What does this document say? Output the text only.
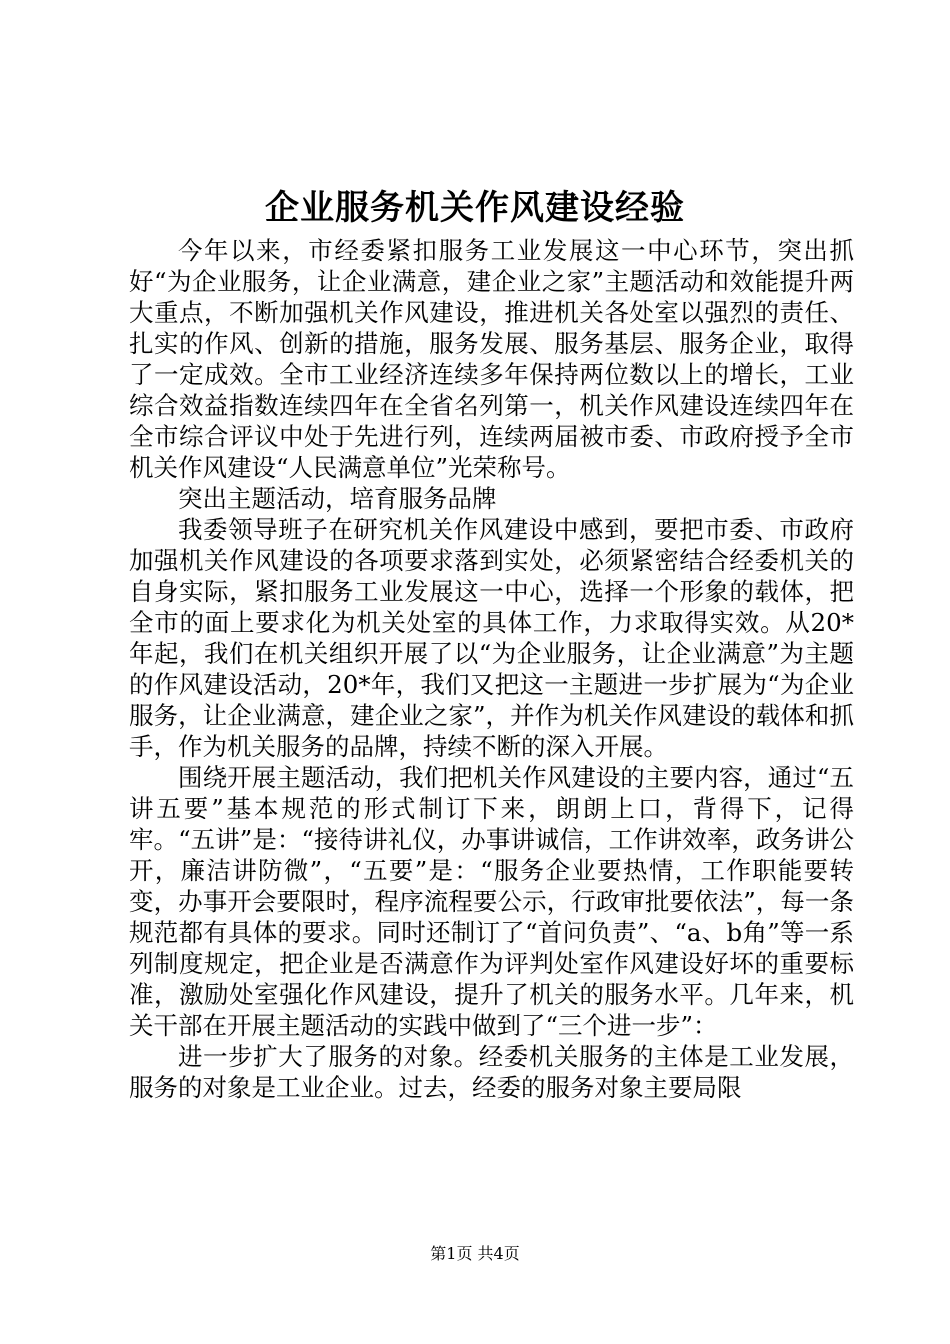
企业服务机关作风建设经验

今年以来，市经委紧扣服务工业发展这一中心环节，突出抓好“为企业服务，让企业满意，建企业之家”主题活动和效能提升两大重点，不断加强机关作风建设，推进机关各处室以强烈的责任、扎实的作风、创新的措施，服务发展、服务基层、服务企业，取得了一定成效。全市工业经济连续多年保持两位数以上的增长，工业综合效益指数连续四年在全省名列第一，机关作风建设连续四年在全市综合评议中处于先进行列，连续两届被市委、市政府授予全市机关作风建设“人民满意单位”光荣称号。

突出主题活动，培育服务品牌

我委领导班子在研究机关作风建设中感到，要把市委、市政府加强机关作风建设的各项要求落到实处，必须紧密结合经委机关的自身实际，紧扣服务工业发展这一中心，选择一个形象的载体，把全市的面上要求化为机关处室的具体工作，力求取得实效。从20*年起，我们在机关组织开展了以“为企业服务，让企业满意”为主题的作风建设活动，20*年，我们又把这一主题进一步扩展为“为企业服务，让企业满意，建企业之家”，并作为机关作风建设的载体和抓手，作为机关服务的品牌，持续不断的深入开展。

围绕开展主题活动，我们把机关作风建设的主要内容，通过“五讲五要”基本规范的形式制订下来，朗朗上口，背得下，记得牢。“五讲”是：“接待讲礼仪，办事讲诚信，工作讲效率，政务讲公开，廉洁讲防微”，“五要”是：“服务企业要热情，工作职能要转变，办事开会要限时，程序流程要公示，行政审批要依法”，每一条规范都有具体的要求。同时还制订了“首问负责”、“a、b角”等一系列制度规定，把企业是否满意作为评判处室作风建设好坏的重要标准，激励处室强化作风建设，提升了机关的服务水平。几年来，机关干部在开展主题活动的实践中做到了“三个进一步”：

进一步扩大了服务的对象。经委机关服务的主体是工业发展，服务的对象是工业企业。过去，经委的服务对象主要局限

第1页 共4页
